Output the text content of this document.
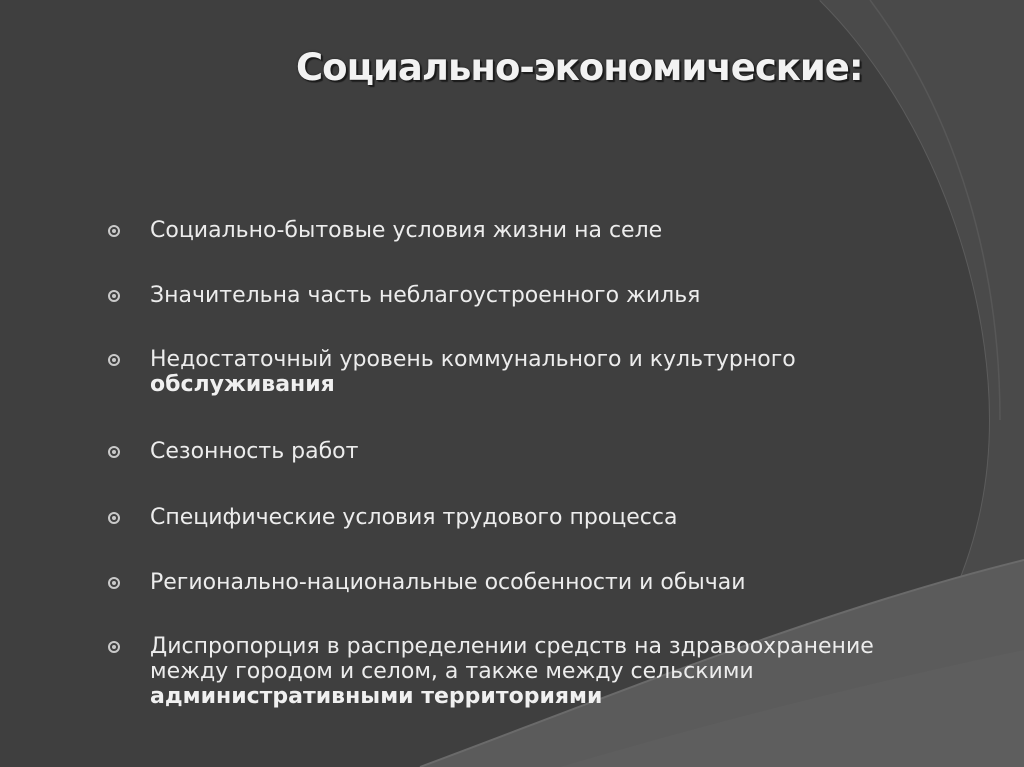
Социально-экономические:
Социально-бытовые условия жизни на селе
Значительна часть неблагоустроенного жилья
Недостаточный уровень коммунального и культурного
обслуживания
Сезонность работ
Специфические условия трудового процесса
Регионально-национальные особенности и обычаи
Диспропорция в распределении средств на здравоохранение
между городом и селом, а также между сельскими
административными территориями
